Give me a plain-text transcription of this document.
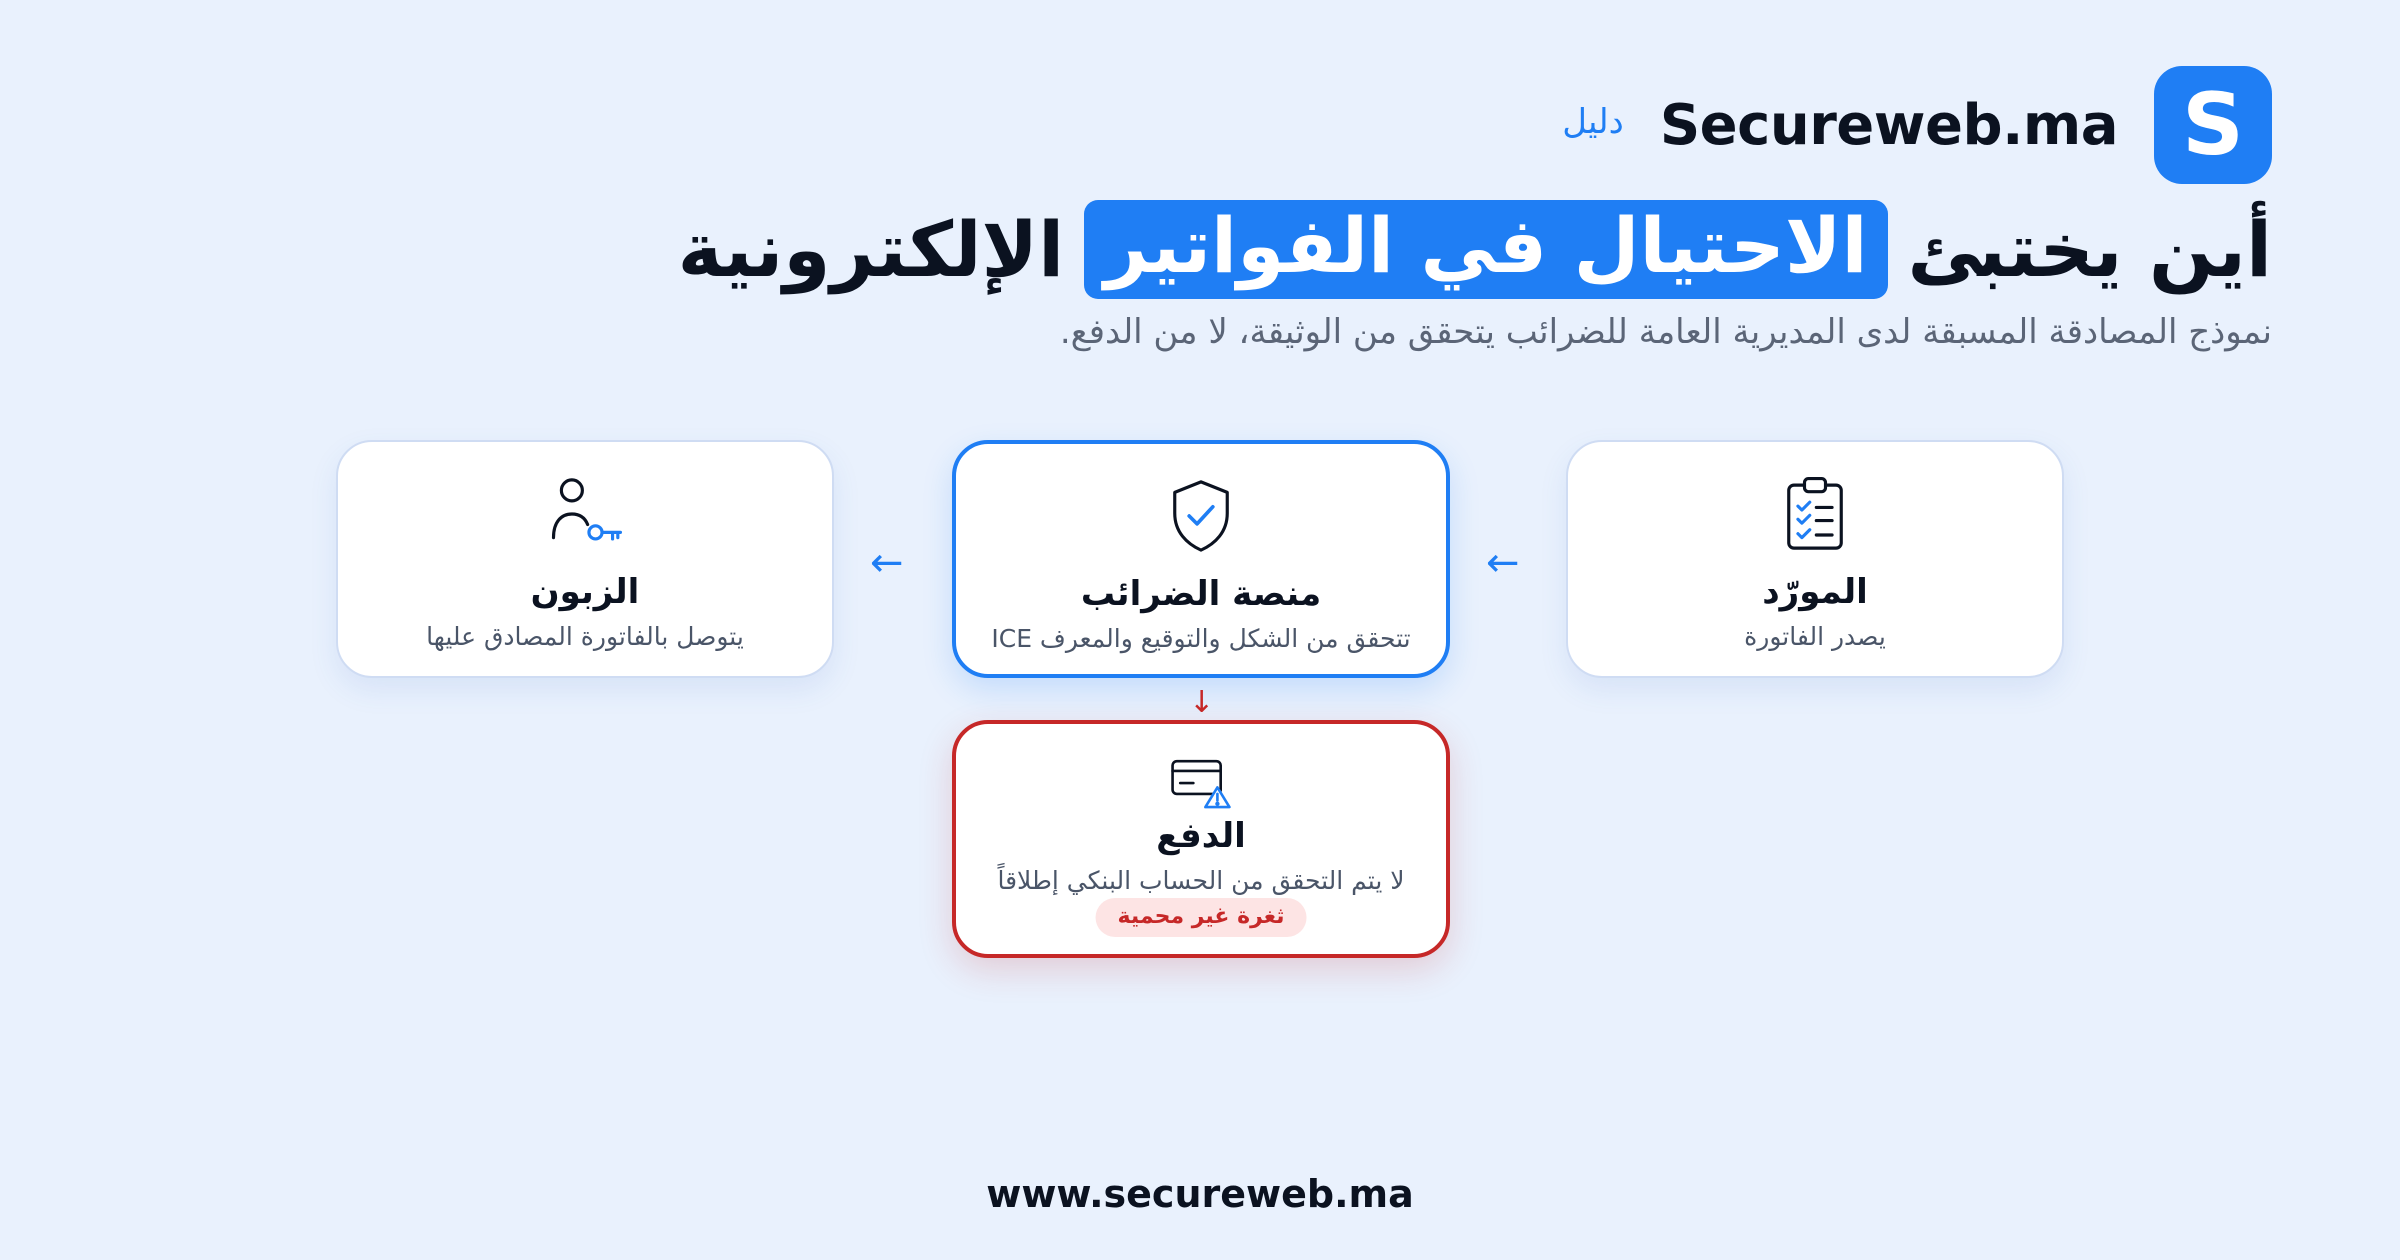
S
Secureweb.ma
دليل
أين يختبئ
الاحتيال في الفواتير
الإلكترونية

نموذج المصادقة المسبقة لدى المديرية العامة للضرائب يتحقق من الوثيقة، لا من الدفع.

المورّد
يصدر الفاتورة
←
منصة الضرائب
تتحقق من الشكل والتوقيع والمعرف ICE
←
الزبون
يتوصل بالفاتورة المصادق عليها
↓
الدفع
لا يتم التحقق من الحساب البنكي إطلاقاً
ثغرة غير محمية
www.secureweb.ma
